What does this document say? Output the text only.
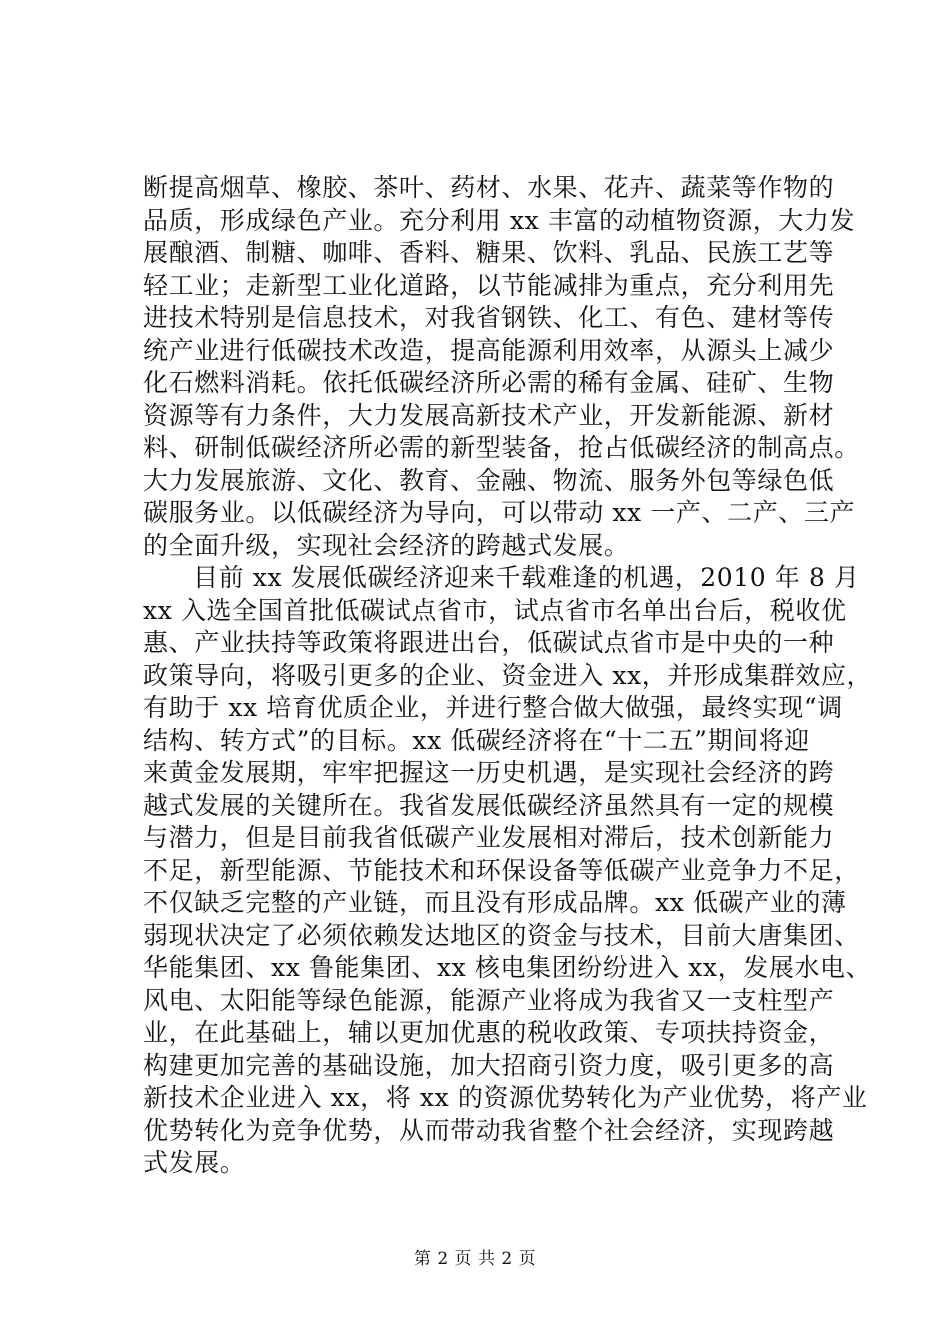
断提高烟草、橡胶、茶叶、药材、水果、花卉、蔬菜等作物的
品质，形成绿色产业。充分利用 xx 丰富的动植物资源，大力发
展酿酒、制糖、咖啡、香料、糖果、饮料、乳品、民族工艺等
轻工业；走新型工业化道路，以节能减排为重点，充分利用先
进技术特别是信息技术，对我省钢铁、化工、有色、建材等传
统产业进行低碳技术改造，提高能源利用效率，从源头上减少
化石燃料消耗。依托低碳经济所必需的稀有金属、硅矿、生物
资源等有力条件，大力发展高新技术产业，开发新能源、新材
料、研制低碳经济所必需的新型装备，抢占低碳经济的制高点。
大力发展旅游、文化、教育、金融、物流、服务外包等绿色低
碳服务业。以低碳经济为导向，可以带动 xx 一产、二产、三产
的全面升级，实现社会经济的跨越式发展。
目前 xx 发展低碳经济迎来千载难逢的机遇，2010 年 8 月
xx 入选全国首批低碳试点省市，试点省市名单出台后，税收优
惠、产业扶持等政策将跟进出台，低碳试点省市是中央的一种
政策导向，将吸引更多的企业、资金进入 xx，并形成集群效应，
有助于 xx 培育优质企业，并进行整合做大做强，最终实现“调
结构、转方式”的目标。xx 低碳经济将在“十二五”期间将迎
来黄金发展期，牢牢把握这一历史机遇，是实现社会经济的跨
越式发展的关键所在。我省发展低碳经济虽然具有一定的规模
与潜力，但是目前我省低碳产业发展相对滞后，技术创新能力
不足，新型能源、节能技术和环保设备等低碳产业竞争力不足，
不仅缺乏完整的产业链，而且没有形成品牌。xx 低碳产业的薄
弱现状决定了必须依赖发达地区的资金与技术，目前大唐集团、
华能集团、xx 鲁能集团、xx 核电集团纷纷进入 xx，发展水电、
风电、太阳能等绿色能源，能源产业将成为我省又一支柱型产
业，在此基础上，辅以更加优惠的税收政策、专项扶持资金，
构建更加完善的基础设施，加大招商引资力度，吸引更多的高
新技术企业进入 xx，将 xx 的资源优势转化为产业优势，将产业
优势转化为竞争优势，从而带动我省整个社会经济，实现跨越
式发展。
第 2 页 共 2 页
